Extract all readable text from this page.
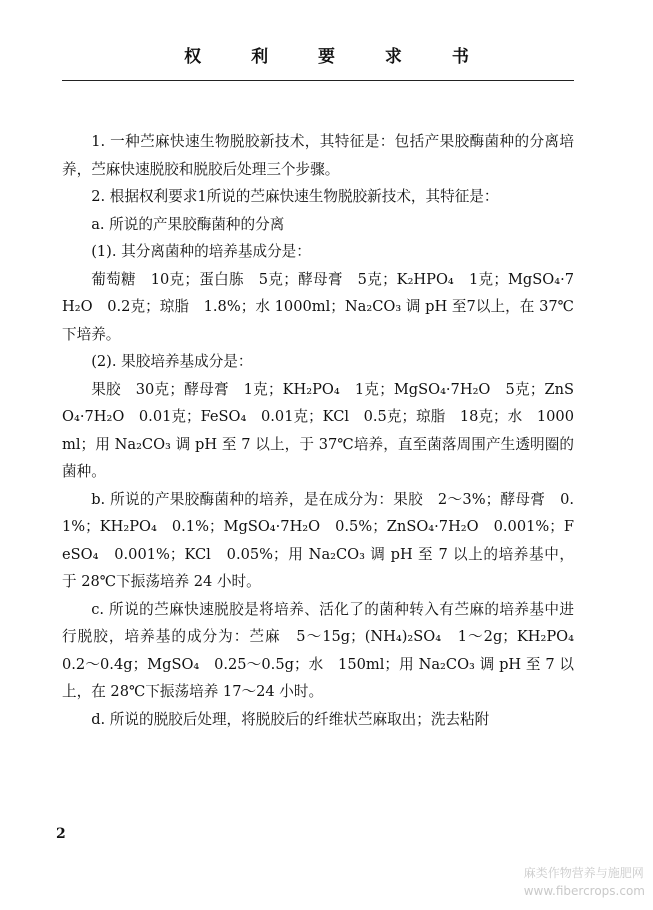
权 利 要 求 书

1. 一种苎麻快速生物脱胶新技术，其特征是：包括产果胶酶菌种的分离培养，苎麻快速脱胶和脱胶后处理三个步骤。

2. 根据权利要求1所说的苎麻快速生物脱胶新技术，其特征是：

a. 所说的产果胶酶菌种的分离

(1). 其分离菌种的培养基成分是：

葡萄糖　10克；蛋白胨　5克；酵母膏　5克；K₂HPO₄　1克；MgSO₄·7H₂O　0.2克；琼脂　1.8%；水 1000ml；Na₂CO₃ 调 pH 至7以上，在 37℃下培养。

(2). 果胶培养基成分是：

果胶　30克；酵母膏　1克；KH₂PO₄　1克；MgSO₄·7H₂O　5克；ZnSO₄·7H₂O　0.01克；FeSO₄　0.01克；KCl　0.5克；琼脂　18克；水　1000ml；用 Na₂CO₃ 调 pH 至 7 以上，于 37℃培养，直至菌落周围产生透明圈的菌种。

b. 所说的产果胶酶菌种的培养，是在成分为：果胶　2～3%；酵母膏　0.1%；KH₂PO₄　0.1%；MgSO₄·7H₂O　0.5%；ZnSO₄·7H₂O　0.001%；FeSO₄　0.001%；KCl　0.05%；用 Na₂CO₃ 调 pH 至 7 以上的培养基中，于 28℃下振荡培养 24 小时。

c. 所说的苎麻快速脱胶是将培养、活化了的菌种转入有苎麻的培养基中进行脱胶，培养基的成分为：苎麻　5～15g；(NH₄)₂SO₄　1～2g；KH₂PO₄　0.2～0.4g；MgSO₄　0.25～0.5g；水　150ml；用 Na₂CO₃ 调 pH 至 7 以上，在 28℃下振荡培养 17～24 小时。

d. 所说的脱胶后处理，将脱胶后的纤维状苎麻取出；洗去粘附

2
麻类作物营养与施肥网
www.fibercrops.com
